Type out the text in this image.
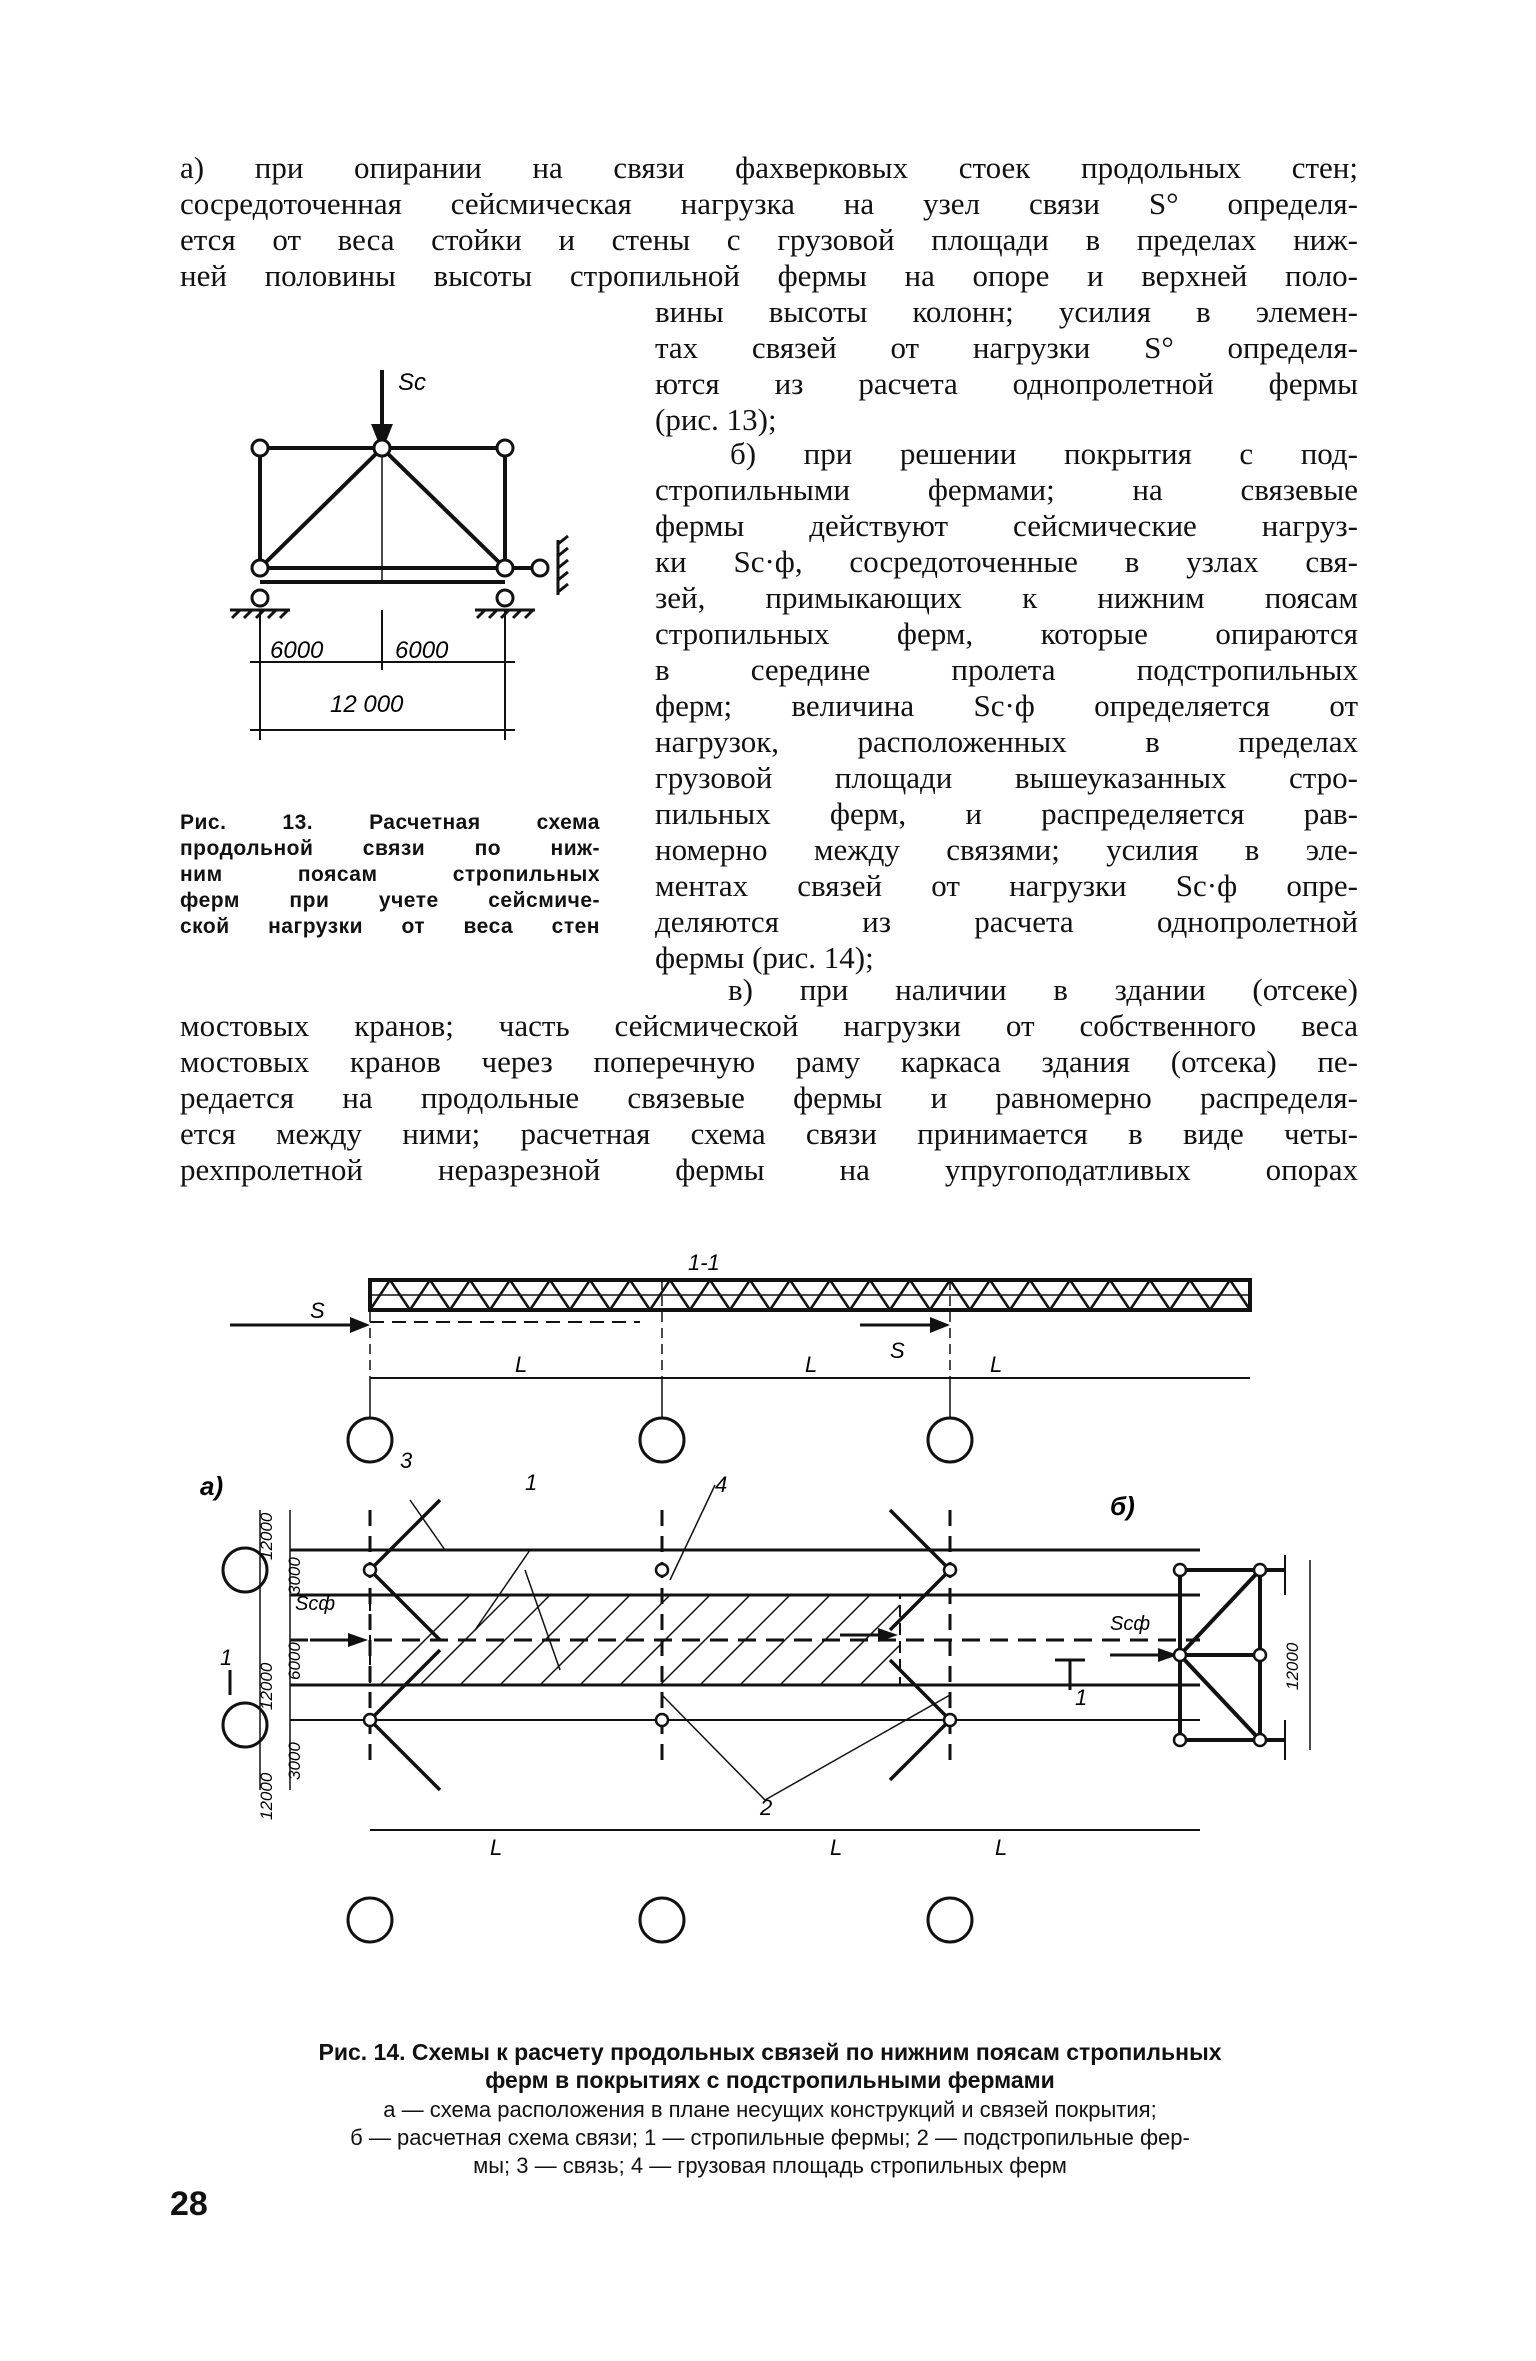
а) при опирании на связи фахверковых стоек продольных стен;
сосредоточенная сейсмическая нагрузка на узел связи S° определя-
ется от веса стойки и стены с грузовой площади в пределах ниж-
ней половины высоты стропильной фермы на опоре и верхней поло-
вины высоты колонн; усилия в элемен-
тах связей от нагрузки S° определя-
ются из расчета однопролетной фермы
(рис. 13);
б) при решении покрытия с под-
стропильными фермами; на связевые
фермы действуют сейсмические нагруз-
ки Sс·ф, сосредоточенные в узлах свя-
зей, примыкающих к нижним поясам
стропильных ферм, которые опираются
в середине пролета подстропильных
ферм; величина Sс·ф определяется от
нагрузок, расположенных в пределах
грузовой площади вышеуказанных стро-
пильных ферм, и распределяется рав-
номерно между связями; усилия в эле-
ментах связей от нагрузки Sс·ф опре-
деляются из расчета однопролетной
фермы (рис. 14);
в) при наличии в здании (отсеке)
мостовых кранов; часть сейсмической нагрузки от собственного веса
мостовых кранов через поперечную раму каркаса здания (отсека) пе-
редается на продольные связевые фермы и равномерно распределя-
ется между ними; расчетная схема связи принимается в виде четы-
рехпролетной неразрезной фермы на упругоподатливых опорах
6000	6000
12 000
Sc
Рис. 13. Расчетная схема
продольной связи по ниж-
ним поясам стропильных
ферм при учете сейсмиче-
ской нагрузки от веса стен
1-1
S
S
L	L	L
а)
б)
Sсф
1
1
3
1	4
2
L	L	L
12000
3000
12000
6000
3000
12000
Sсф
12000
Рис. 14. Схемы к расчету продольных связей по нижним поясам стропильных
ферм в покрытиях с подстропильными фермами
а — схема расположения в плане несущих конструкций и связей покрытия;
б — расчетная схема связи; 1 — стропильные фермы; 2 — подстропильные фер-
мы; 3 — связь; 4 — грузовая площадь стропильных ферм
28
